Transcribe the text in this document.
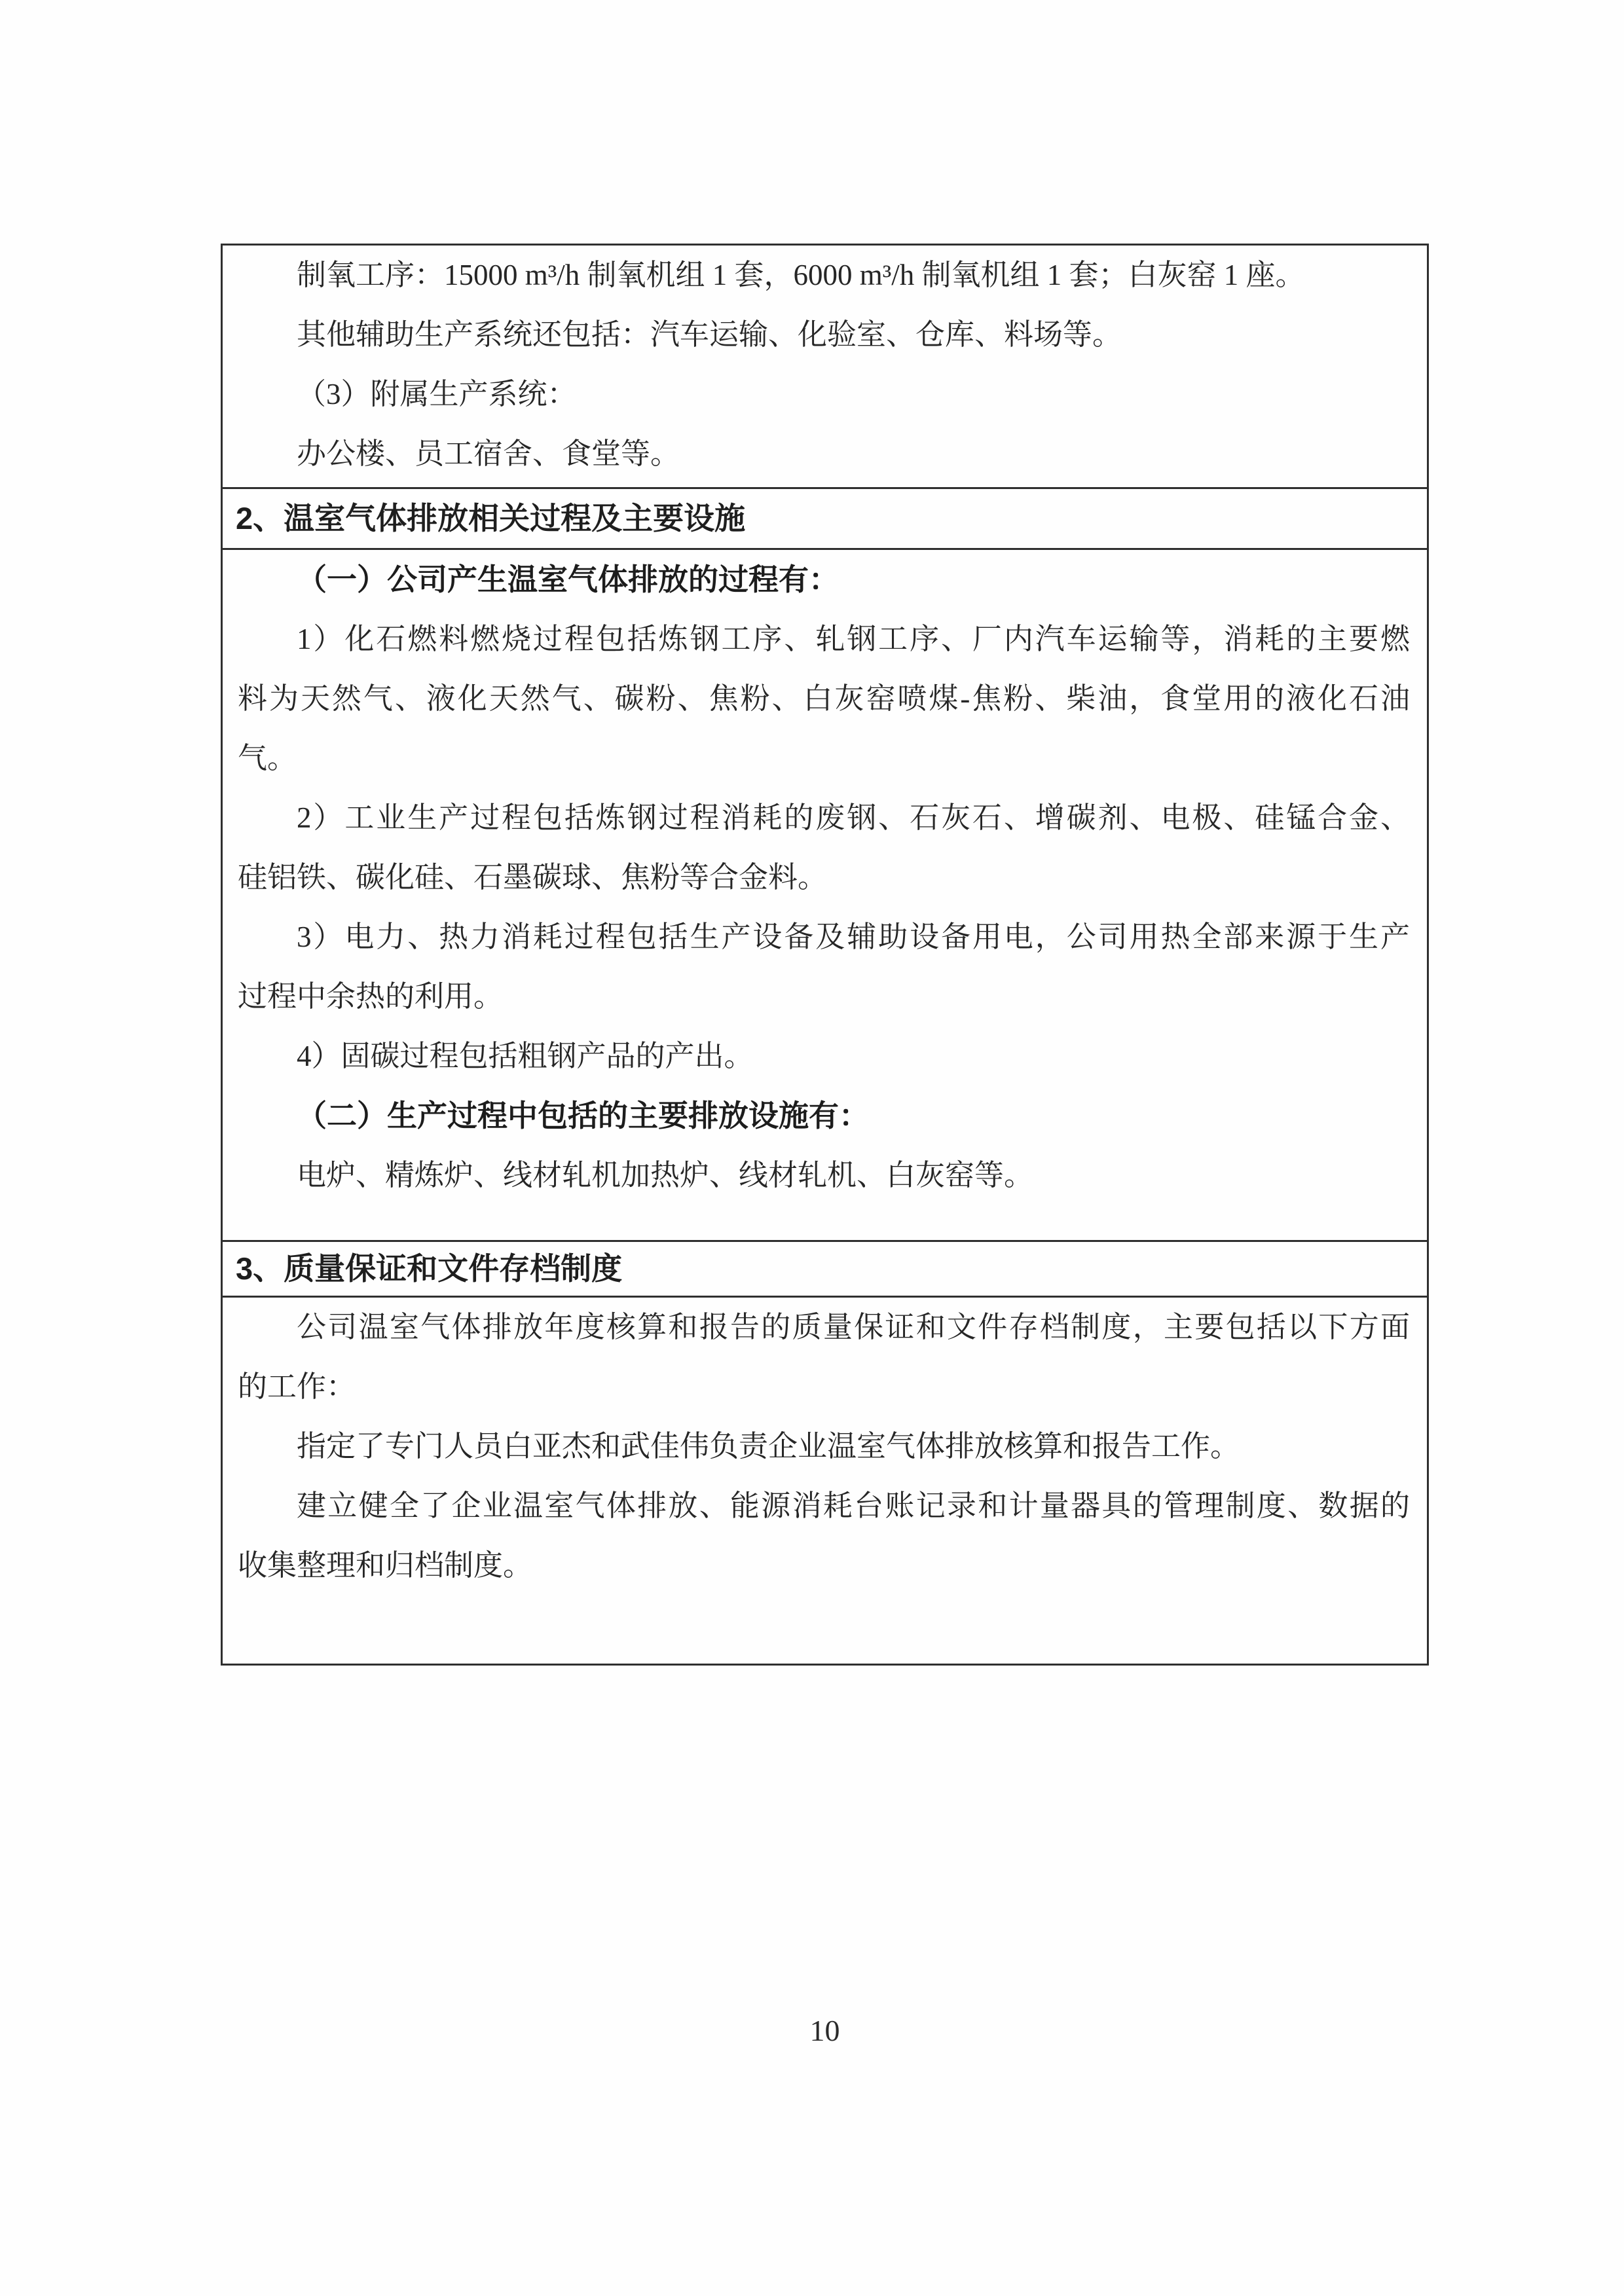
制氧工序：15000 m³/h 制氧机组 1 套，6000 m³/h 制氧机组 1 套；白灰窑 1 座。
其他辅助生产系统还包括：汽车运输、化验室、仓库、料场等。
（3）附属生产系统：
办公楼、员工宿舍、食堂等。
2、温室气体排放相关过程及主要设施
（一）公司产生温室气体排放的过程有：
1）化石燃料燃烧过程包括炼钢工序、轧钢工序、厂内汽车运输等，消耗的主要燃
料为天然气、液化天然气、碳粉、焦粉、白灰窑喷煤-焦粉、柴油，食堂用的液化石油
气。
2）工业生产过程包括炼钢过程消耗的废钢、石灰石、增碳剂、电极、硅锰合金、
硅铝铁、碳化硅、石墨碳球、焦粉等合金料。
3）电力、热力消耗过程包括生产设备及辅助设备用电，公司用热全部来源于生产
过程中余热的利用。
4）固碳过程包括粗钢产品的产出。
（二）生产过程中包括的主要排放设施有：
电炉、精炼炉、线材轧机加热炉、线材轧机、白灰窑等。
3、质量保证和文件存档制度
公司温室气体排放年度核算和报告的质量保证和文件存档制度，主要包括以下方面
的工作：
指定了专门人员白亚杰和武佳伟负责企业温室气体排放核算和报告工作。
建立健全了企业温室气体排放、能源消耗台账记录和计量器具的管理制度、数据的
收集整理和归档制度。
10
